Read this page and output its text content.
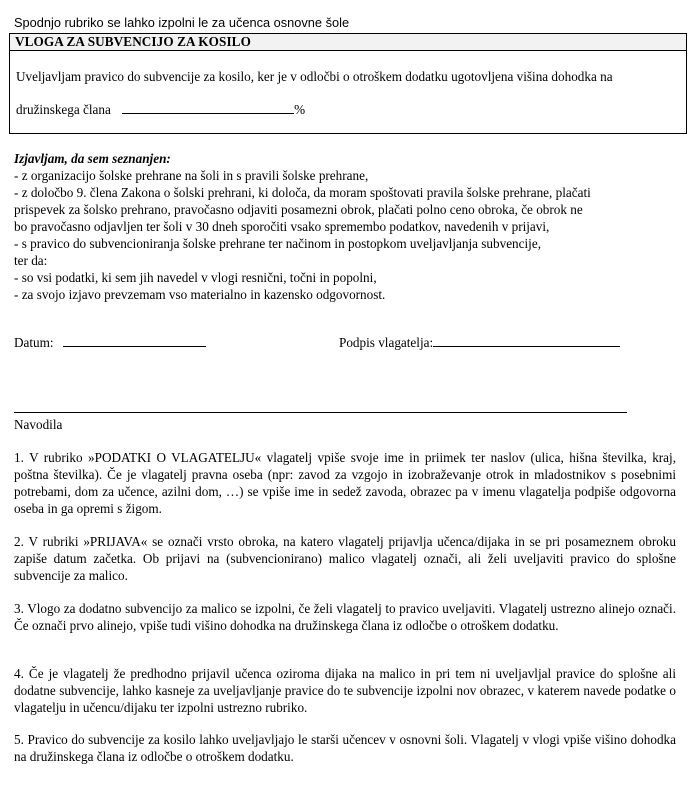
Spodnjo rubriko se lahko izpolni le za učenca osnovne šole
VLOGA ZA SUBVENCIJO ZA KOSILO
Uveljavljam pravico do subvencije za kosilo, ker je v odločbi o otroškem dodatku ugotovljena višina dohodka na
družinskega člana	%
Izjavljam, da sem seznanjen:
- z organizacijo šolske prehrane na šoli in s pravili šolske prehrane,
- z določbo 9. člena Zakona o šolski prehrani, ki določa, da moram spoštovati pravila šolske prehrane, plačati
prispevek za šolsko prehrano, pravočasno odjaviti posamezni obrok, plačati polno ceno obroka, če obrok ne
bo pravočasno odjavljen ter šoli v 30 dneh sporočiti vsako spremembo podatkov, navedenih v prijavi,
- s pravico do subvencioniranja šolske prehrane ter načinom in postopkom uveljavljanja subvencije,
ter da:
- so vsi podatki, ki sem jih navedel v vlogi resnični, točni in popolni,
- za svojo izjavo prevzemam vso materialno in kazensko odgovornost.
Datum:	Podpis vlagatelja:
Navodila

1. V rubriko »PODATKI O VLAGATELJU« vlagatelj vpiše svoje ime in priimek ter naslov (ulica, hišna številka, kraj, poštna številka). Če je vlagatelj pravna oseba (npr: zavod za vzgojo in izobraževanje otrok in mladostnikov s posebnimi potrebami, dom za učence, azilni dom, …) se vpiše ime in sedež zavoda, obrazec pa v imenu vlagatelja podpiše odgovorna oseba in ga opremi s žigom.

2. V rubriki »PRIJAVA« se označi vrsto obroka, na katero vlagatelj prijavlja učenca/dijaka in se pri posameznem obroku zapiše datum začetka. Ob prijavi na (subvencionirano) malico vlagatelj označi, ali želi uveljaviti pravico do splošne subvencije za malico.

3. Vlogo za dodatno subvencijo za malico se izpolni, če želi vlagatelj to pravico uveljaviti. Vlagatelj ustrezno alinejo označi. Če označi prvo alinejo, vpiše tudi višino dohodka na družinskega člana iz odločbe o otroškem dodatku.

4. Če je vlagatelj že predhodno prijavil učenca oziroma dijaka na malico in pri tem ni uveljavljal pravice do splošne ali dodatne subvencije, lahko kasneje za uveljavljanje pravice do te subvencije izpolni nov obrazec, v katerem navede podatke o vlagatelju in učencu/dijaku ter izpolni ustrezno rubriko.

5. Pravico do subvencije za kosilo lahko uveljavljajo le starši učencev v osnovni šoli. Vlagatelj v vlogi vpiše višino dohodka na družinskega člana iz odločbe o otroškem dodatku.
